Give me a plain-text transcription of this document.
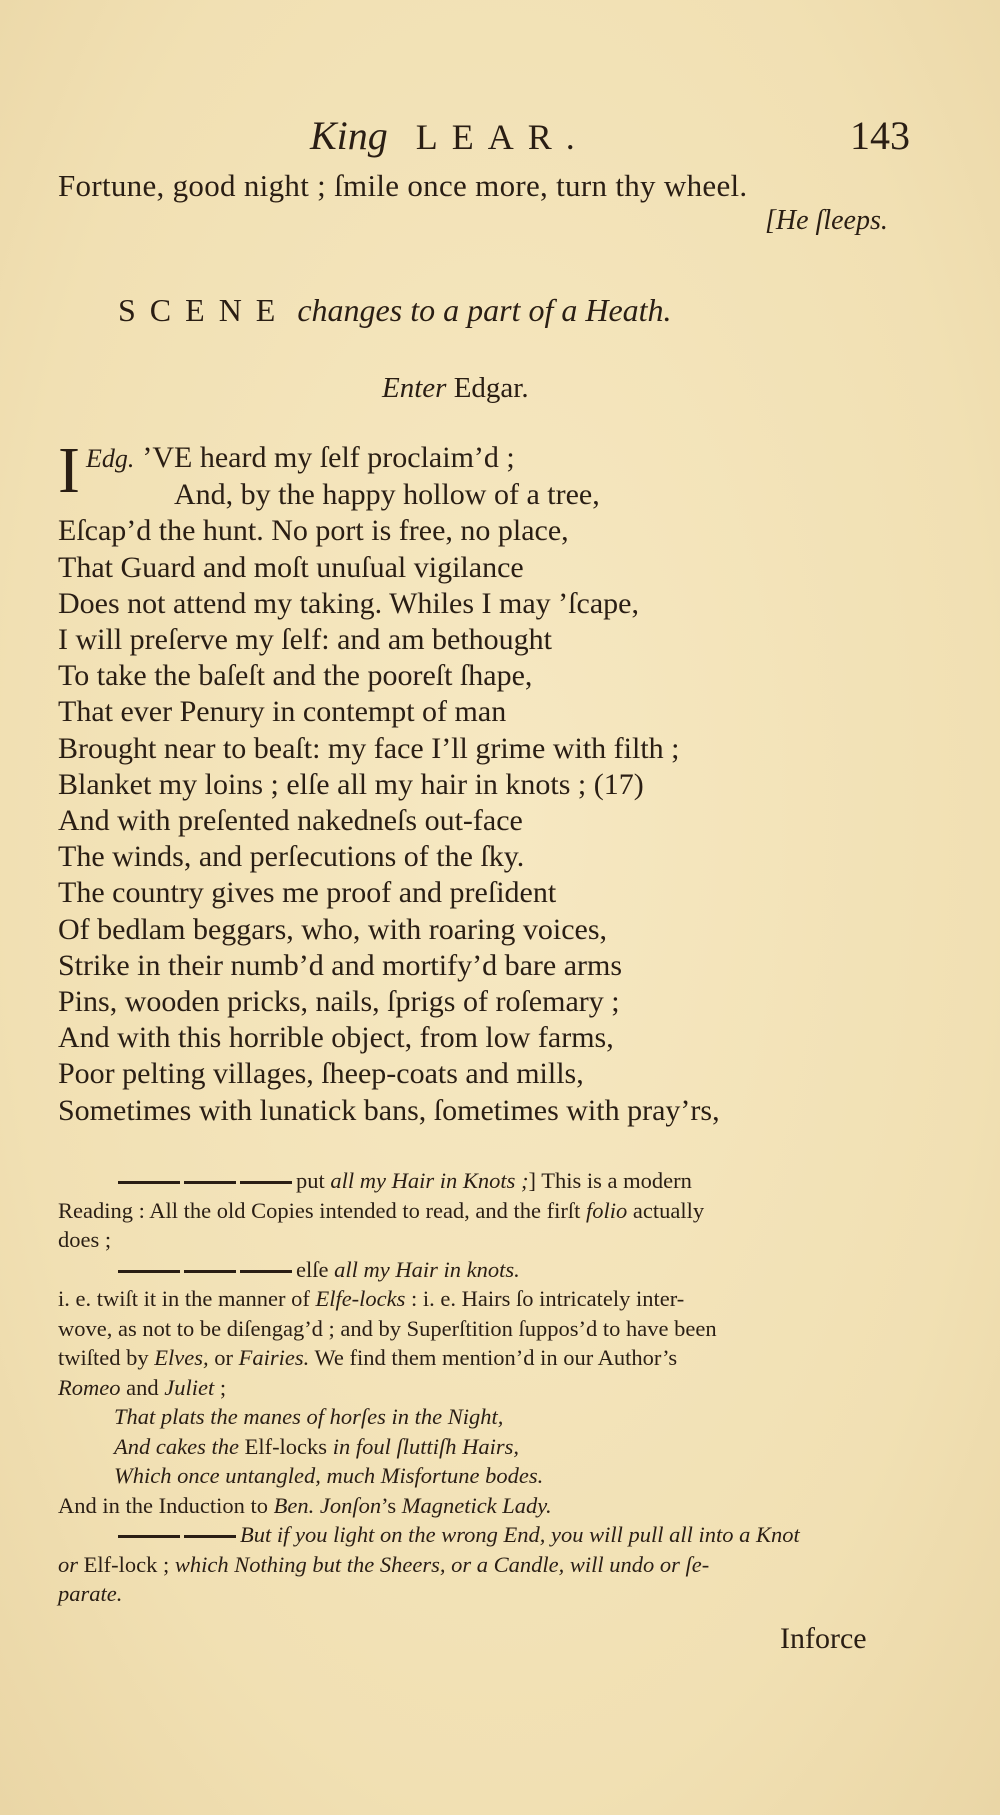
King LEAR.	143
Fortune, good night ; ſmile once more, turn thy wheel.
[He ſleeps.
SCENE changes to a part of a Heath.
Enter Edgar.
Edg.
I ’VE heard my ſelf proclaim’d ;
And, by the happy hollow of a tree,
Eſcap’d the hunt. No port is free, no place,
That Guard and moſt unuſual vigilance
Does not attend my taking. Whiles I may ’ſcape,
I will preſerve my ſelf: and am bethought
To take the baſeſt and the pooreſt ſhape,
That ever Penury in contempt of man
Brought near to beaſt: my face I’ll grime with filth ;
Blanket my loins ; elſe all my hair in knots ; (17)
And with preſented nakedneſs out-face
The winds, and perſecutions of the ſky.
The country gives me proof and preſident
Of bedlam beggars, who, with roaring voices,
Strike in their numb’d and mortify’d bare arms
Pins, wooden pricks, nails, ſprigs of roſemary ;
And with this horrible object, from low farms,
Poor pelting villages, ſheep-coats and mills,
Sometimes with lunatick bans, ſometimes with pray’rs,
put all my Hair in Knots ;] This is a modern
Reading : All the old Copies intended to read, and the firſt folio actually
does ;
elſe all my Hair in knots.
i. e. twiſt it in the manner of Elfe-locks : i. e. Hairs ſo intricately inter-
wove, as not to be diſengag’d ; and by Superſtition ſuppos’d to have been
twiſted by Elves, or Fairies. We find them mention’d in our Author’s
Romeo and Juliet ;
That plats the manes of horſes in the Night,
And cakes the Elf-locks in foul ſluttiſh Hairs,
Which once untangled, much Misfortune bodes.
And in the Induction to Ben. Jonſon’s Magnetick Lady.
But if you light on the wrong End, you will pull all into a Knot
or Elf-lock ; which Nothing but the Sheers, or a Candle, will undo or ſe-
parate.
Inforce
